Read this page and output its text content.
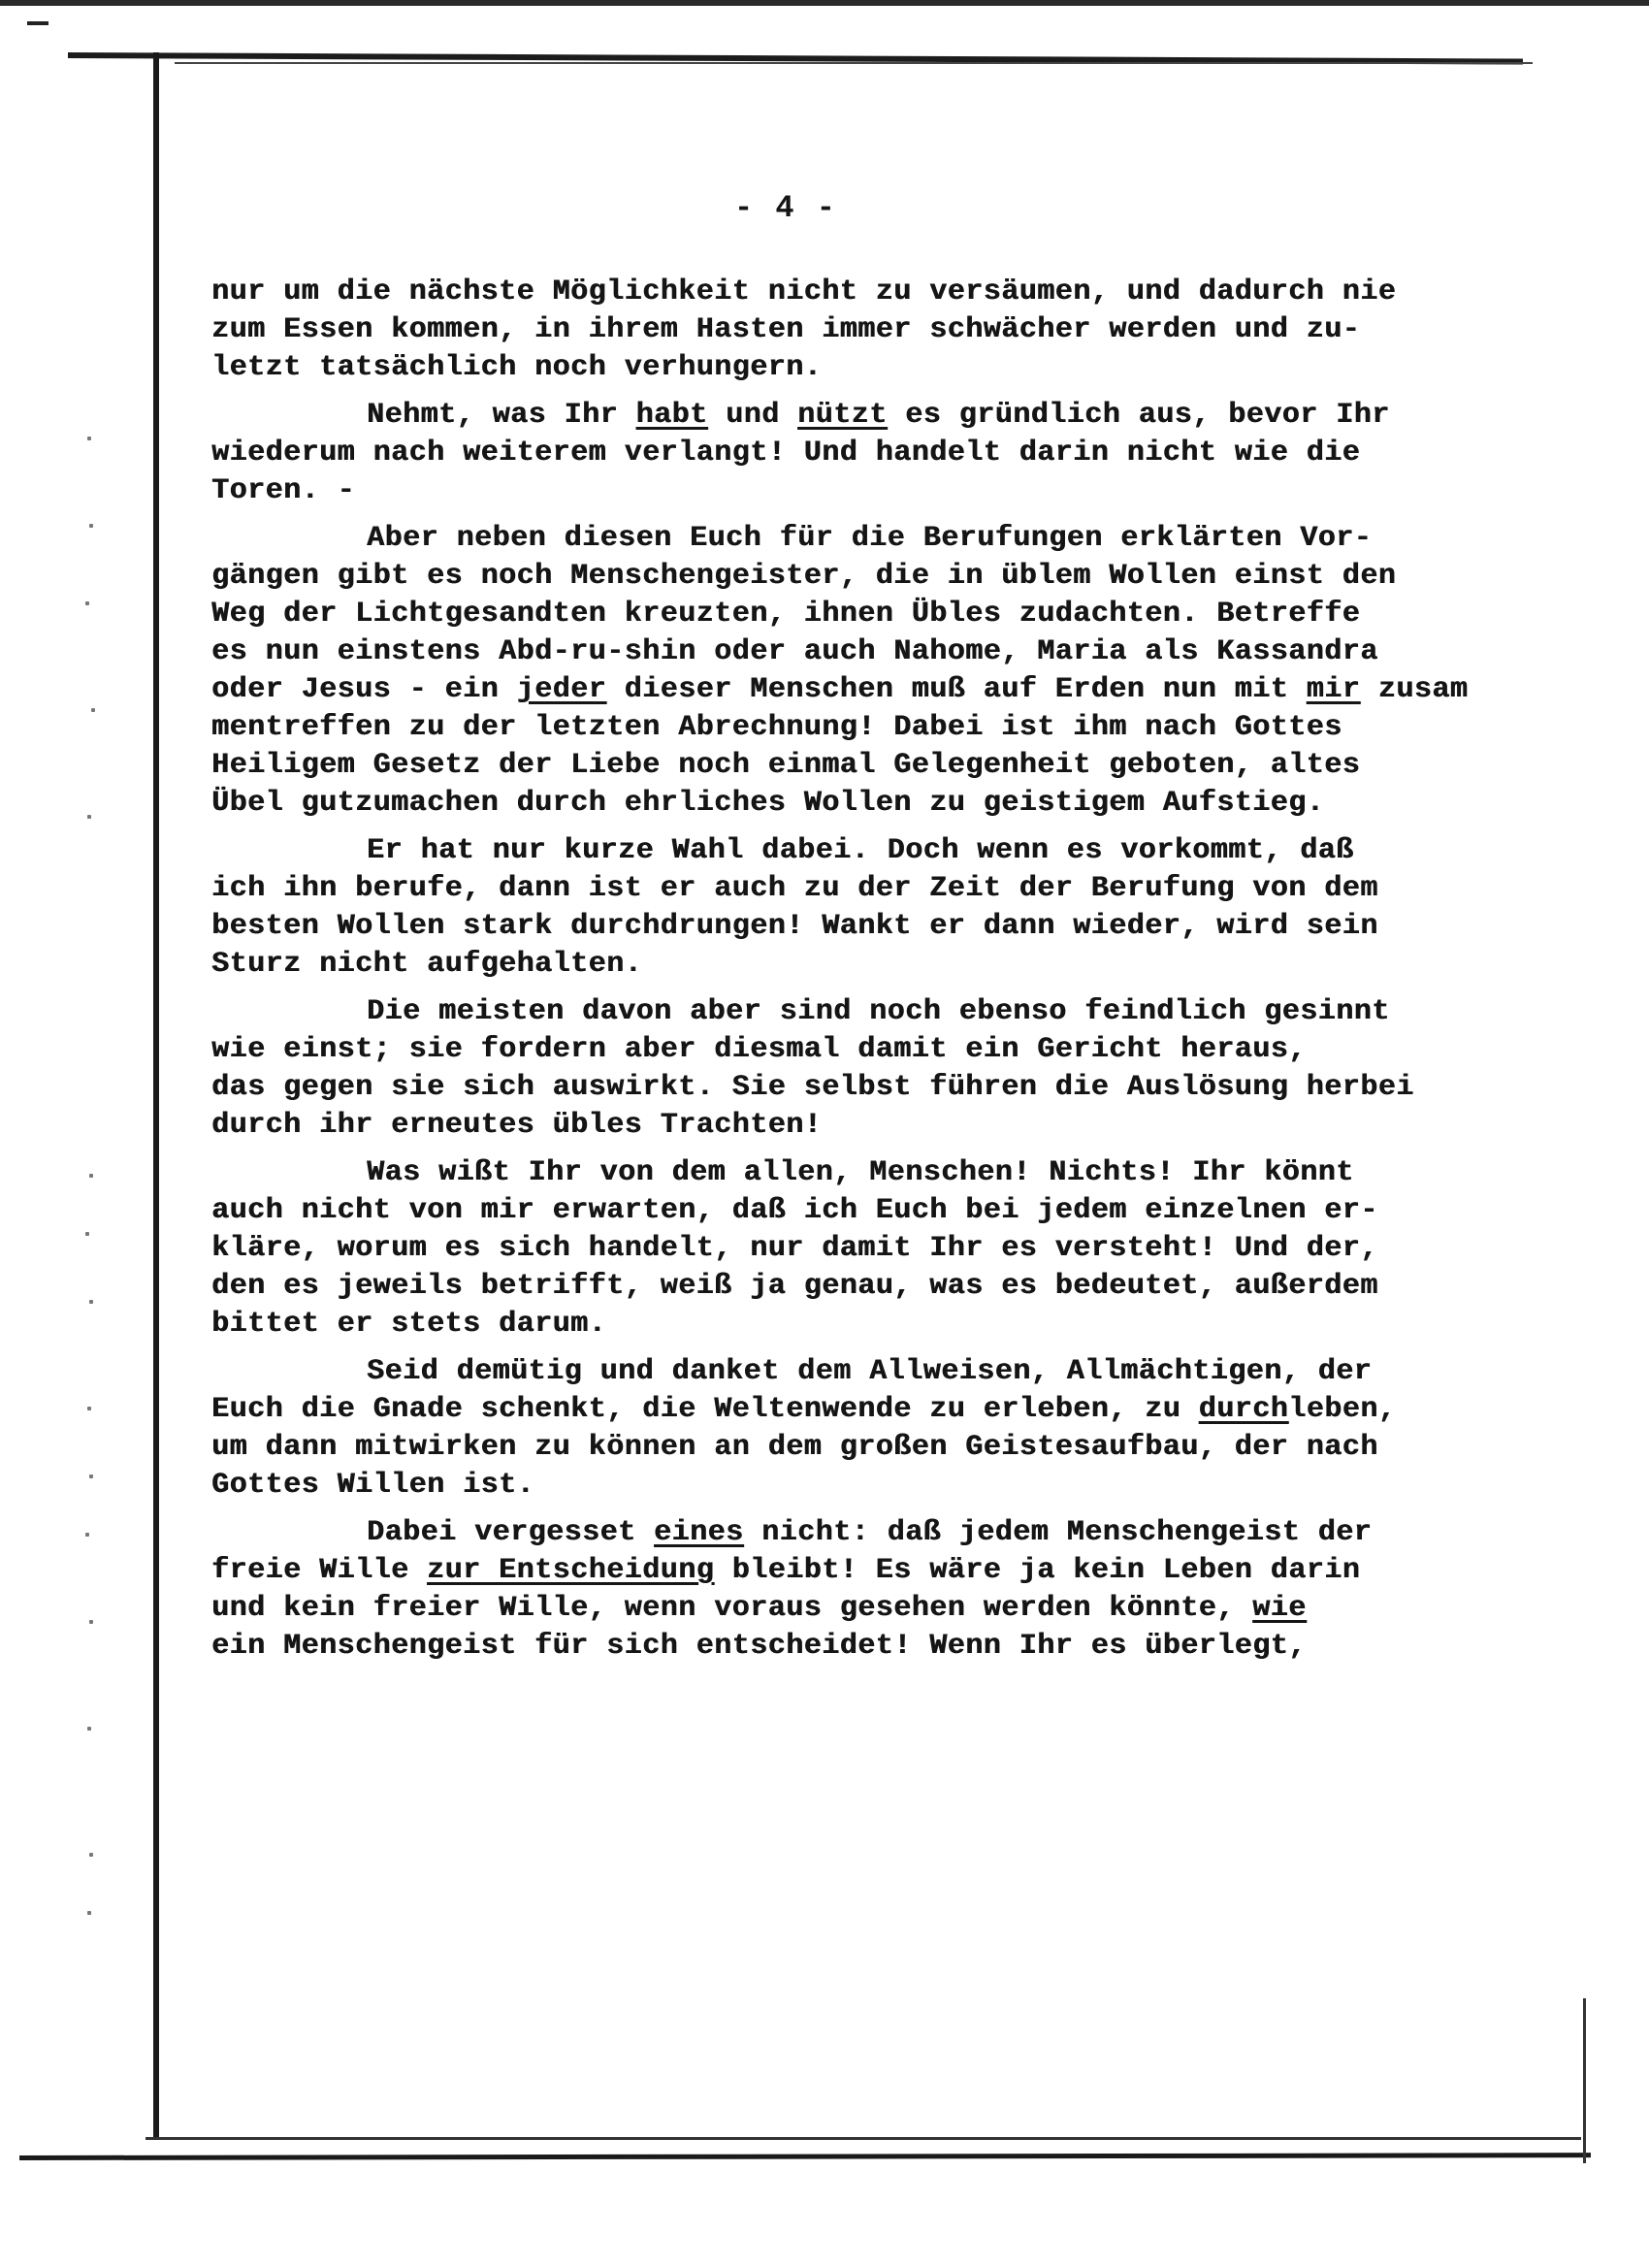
- 4 -
nur um die nächste Möglichkeit nicht zu versäumen, und dadurch nie
zum Essen kommen, in ihrem Hasten immer schwächer werden und zu-
letzt tatsächlich noch verhungern.
Nehmt, was Ihr habt und nützt es gründlich aus, bevor Ihr
wiederum nach weiterem verlangt! Und handelt darin nicht wie die
Toren. -
Aber neben diesen Euch für die Berufungen erklärten Vor-
gängen gibt es noch Menschengeister, die in üblem Wollen einst den
Weg der Lichtgesandten kreuzten, ihnen Übles zudachten. Betreffe
es nun einstens Abd-ru-shin oder auch Nahome, Maria als Kassandra
oder Jesus - ein jeder dieser Menschen muß auf Erden nun mit mir zusam
mentreffen zu der letzten Abrechnung! Dabei ist ihm nach Gottes
Heiligem Gesetz der Liebe noch einmal Gelegenheit geboten, altes
Übel gutzumachen durch ehrliches Wollen zu geistigem Aufstieg.
Er hat nur kurze Wahl dabei. Doch wenn es vorkommt, daß
ich ihn berufe, dann ist er auch zu der Zeit der Berufung von dem
besten Wollen stark durchdrungen! Wankt er dann wieder, wird sein
Sturz nicht aufgehalten.
Die meisten davon aber sind noch ebenso feindlich gesinnt
wie einst; sie fordern aber diesmal damit ein Gericht heraus,
das gegen sie sich auswirkt. Sie selbst führen die Auslösung herbei
durch ihr erneutes übles Trachten!
Was wißt Ihr von dem allen, Menschen! Nichts! Ihr könnt
auch nicht von mir erwarten, daß ich Euch bei jedem einzelnen er-
kläre, worum es sich handelt, nur damit Ihr es versteht! Und der,
den es jeweils betrifft, weiß ja genau, was es bedeutet, außerdem
bittet er stets darum.
Seid demütig und danket dem Allweisen, Allmächtigen, der
Euch die Gnade schenkt, die Weltenwende zu erleben, zu durchleben,
um dann mitwirken zu können an dem großen Geistesaufbau, der nach
Gottes Willen ist.
Dabei vergesset eines nicht: daß jedem Menschengeist der
freie Wille zur Entscheidung bleibt! Es wäre ja kein Leben darin
und kein freier Wille, wenn voraus gesehen werden könnte, wie
ein Menschengeist für sich entscheidet! Wenn Ihr es überlegt,
